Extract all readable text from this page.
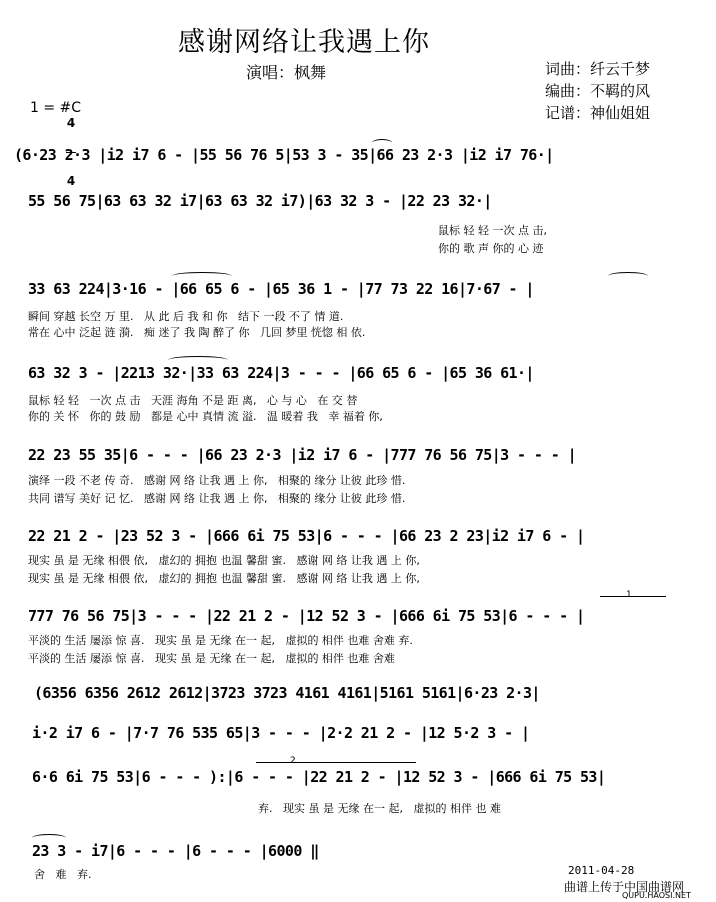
感谢网络让我遇上你
演唱：枫舞	词曲：纤云千梦
编曲：不羁的风
记谱：神仙姐姐
1 = #C

4

4

(6·23 2·3 |i2 i7 6 - |55 56 76 5|53 3 - 35|66 23 2·3 |i2 i7 76·|
55 56 75|63 63 32 i7|63 63 32 i7)|63 32 3 - |22 23 32·|
鼠标 轻 轻 一次 点 击,
你的 歌 声 你的 心 迹
33 63 224|3·16 - |66 65 6 - |65 36 1 - |77 73 22 16|7·67 - |
瞬间 穿越 长空 万 里.   从 此 后 我 和 你   结下 一段 不了 情 道.
常在 心中 泛起 涟 漪.   痴 迷了 我 陶 醉了 你   几回 梦里 恍惚 相 依.
63 32 3 - |2213 32·|33 63 224|3 - - - |66 65 6 - |65 36 61·|
鼠标 轻 轻   一次 点 击   天涯 海角 不是 距 离,   心 与 心   在 交 替
你的 关 怀   你的 鼓 励   都是 心中 真情 流 溢.   温 暖着 我   幸 福着 你,
22 23 55 35|6 - - - |66 23 2·3 |i2 i7 6 - |777 76 56 75|3 - - - |
演绎 一段 不老 传 奇.   感谢 网 络 让我 遇 上 你,   相聚的 缘分 让彼 此珍 惜.
共同 谱写 美好 记 忆.   感谢 网 络 让我 遇 上 你,   相聚的 缘分 让彼 此珍 惜.
22 21 2 - |23 52 3 - |666 6i 75 53|6 - - - |66 23 2 23|i2 i7 6 - |
现实 虽 是 无缘 相偎 依,   虚幻的 拥抱 也温 馨甜 蜜.   感谢 网 络 让我 遇 上 你,
现实 虽 是 无缘 相偎 依,   虚幻的 拥抱 也温 馨甜 蜜.   感谢 网 络 让我 遇 上 你,
777 76 56 75|3 - - - |22 21 2 - |12 52 3 - |666 6i 75 53|6 - - - |
1
平淡的 生活 屡添 惊 喜.   现实 虽 是 无缘 在一 起,   虚拟的 相伴 也难 舍难 弃.
平淡的 生活 屡添 惊 喜.   现实 虽 是 无缘 在一 起,   虚拟的 相伴 也难 舍难
(6356 6356 2612 2612|3723 3723 4161 4161|5161 5161|6·23 2·3|
i·2 i7 6 - |7·7 76 535 65|3 - - - |2·2 21 2 - |12 5·2 3 - |
6·6 6i 75 53|6 - - - ):|6 - - - |22 21 2 - |12 52 3 - |666 6i 75 53|
2
弃.   现实 虽 是 无缘 在一 起,   虚拟的 相伴 也 难
23 3 - i7|6 - - - |6 - - - |6000 ‖
舍   难   弃.	2011-04-28
曲谱上传于中国曲谱网
QUPU.HAOSI.NET
